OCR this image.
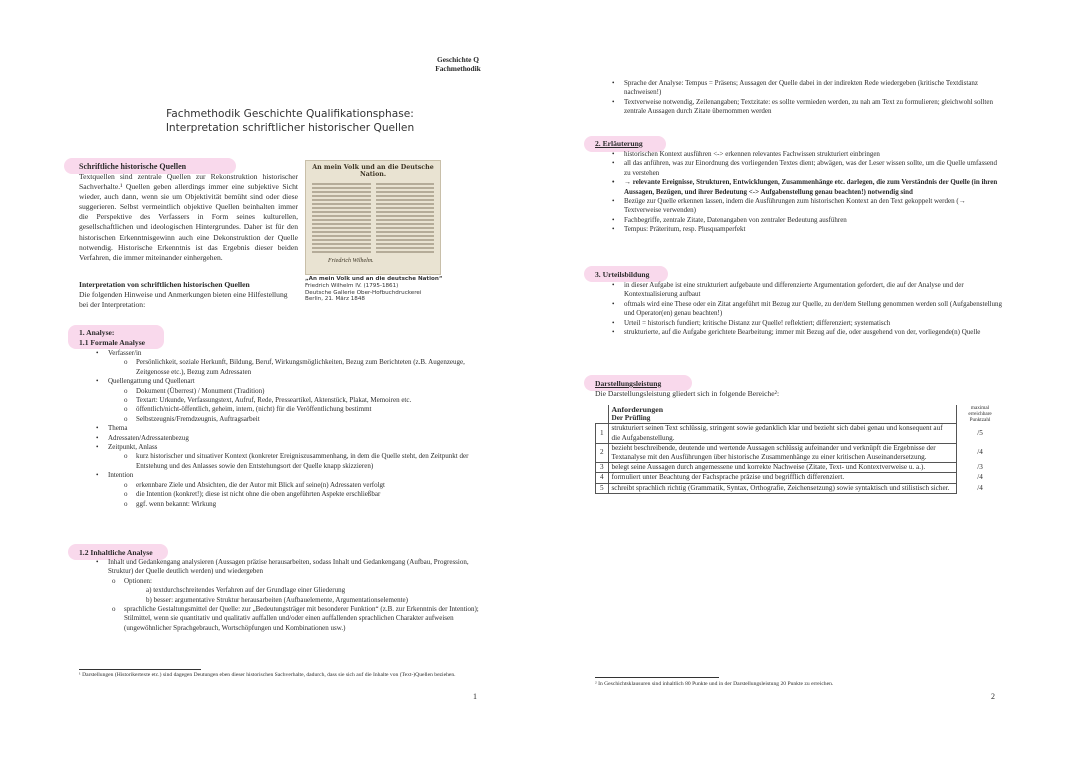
Geschichte Q
Fachmethodik
Fachmethodik Geschichte Qualifikationsphase:
Interpretation schriftlicher historischer Quellen
Schriftliche historische Quellen
Textquellen sind zentrale Quellen zur Rekonstruktion historischer Sachverhalte.¹ Quellen geben allerdings immer eine subjektive Sicht wieder, auch dann, wenn sie um Objektivität bemüht sind oder diese suggerieren. Selbst vermeintlich objektive Quellen beinhalten immer die Perspektive des Verfassers in Form seines kulturellen, gesellschaftlichen und ideologischen Hintergrundes. Daher ist für den historischen Erkenntnisgewinn auch eine Dekonstruktion der Quelle notwendig. Historische Erkenntnis ist das Ergebnis dieser beiden Verfahren, die immer miteinander einhergehen.
An mein Volk und an die Deutsche Nation.
Friedrich Wilhelm.
„An mein Volk und an die deutsche Nation“
Friedrich Wilhelm IV. (1795-1861)
Deutsche Gallerie Ober-Hofbuchdruckerei
Berlin, 21. März 1848
Interpretation von schriftlichen historischen Quellen
Die folgenden Hinweise und Anmerkungen bieten eine Hilfestellung bei der Interpretation:
1. Analyse:
1.1 Formale Analyse
• Verfasser/in
o Persönlichkeit, soziale Herkunft, Bildung, Beruf, Wirkungsmöglichkeiten, Bezug zum Berichteten (z.B. Augenzeuge, Zeitgenosse etc.), Bezug zum Adressaten
• Quellengattung und Quellenart
o Dokument (Überrest) / Monument (Tradition)
o Textart: Urkunde, Verfassungstext, Aufruf, Rede, Presseartikel, Aktenstück, Plakat, Memoiren etc.
o öffentlich/nicht-öffentlich, geheim, intern, (nicht) für die Veröffentlichung bestimmt
o Selbstzeugnis/Fremdzeugnis, Auftragsarbeit
• Thema
• Adressaten/Adressatenbezug
• Zeitpunkt, Anlass
o kurz historischer und situativer Kontext (konkreter Ereigniszusammenhang, in dem die Quelle steht, den Zeitpunkt der Entstehung und des Anlasses sowie den Entstehungsort der Quelle knapp skizzieren)
• Intention
o erkennbare Ziele und Absichten, die der Autor mit Blick auf seine(n) Adressaten verfolgt
o die Intention (konkret!); diese ist nicht ohne die oben angeführten Aspekte erschließbar
o ggf. wenn bekannt: Wirkung
1.2 Inhaltliche Analyse
• Inhalt und Gedankengang analysieren (Aussagen präzise herausarbeiten, sodass Inhalt und Gedankengang (Aufbau, Progression, Struktur) der Quelle deutlich werden) und wiedergeben
o Optionen:
a) textdurchschreitendes Verfahren auf der Grundlage einer Gliederung
b) besser: argumentative Struktur herausarbeiten (Aufbauelemente, Argumentationselemente)
o sprachliche Gestaltungsmittel der Quelle: zur „Bedeutungsträger mit besonderer Funktion“ (z.B. zur Erkenntnis der Intention); Stilmittel, wenn sie quantitativ und qualitativ auffallen und/oder einen auffallenden sprachlichen Charakter aufweisen (ungewöhnlicher Sprachgebrauch, Wortschöpfungen und Kombinationen usw.)
¹ Darstellungen (Historikertexte etc.) sind dagegen Deutungen eben dieser historischen Sachverhalte, dadurch, dass sie sich auf die Inhalte von (Text-)Quellen beziehen.
1
• Sprache der Analyse: Tempus = Präsens; Aussagen der Quelle dabei in der indirekten Rede wiedergeben (kritische Textdistanz nachweisen!)
• Textverweise notwendig, Zeilenangaben; Textzitate: es sollte vermieden werden, zu nah am Text zu formulieren; gleichwohl sollten zentrale Aussagen durch Zitate übernommen werden
2. Erläuterung
• historischen Kontext ausführen <-> erkennen relevantes Fachwissen strukturiert einbringen
• all das anführen, was zur Einordnung des vorliegenden Textes dient; abwägen, was der Leser wissen sollte, um die Quelle umfassend zu verstehen
• → relevante Ereignisse, Strukturen, Entwicklungen, Zusammenhänge etc. darlegen, die zum Verständnis der Quelle (in ihren Aussagen, Bezügen, und ihrer Bedeutung <-> Aufgabenstellung genau beachten!) notwendig sind
• Bezüge zur Quelle erkennen lassen, indem die Ausführungen zum historischen Kontext an den Text gekoppelt werden (→ Textverweise verwenden)
• Fachbegriffe, zentrale Zitate, Datenangaben von zentraler Bedeutung ausführen
• Tempus: Präteritum, resp. Plusquamperfekt
3. Urteilsbildung
• in dieser Aufgabe ist eine strukturiert aufgebaute und differenzierte Argumentation gefordert, die auf der Analyse und der Kontextualisierung aufbaut
• oftmals wird eine These oder ein Zitat angeführt mit Bezug zur Quelle, zu der/dem Stellung genommen werden soll (Aufgabenstellung und Operator(en) genau beachten!)
• Urteil = historisch fundiert; kritische Distanz zur Quelle! reflektiert; differenziert; systematisch
• strukturierte, auf die Aufgabe gerichtete Bearbeitung; immer mit Bezug auf die, oder ausgehend von der, vorliegende(n) Quelle
Darstellungsleistung
Die Darstellungsleistung gliedert sich in folgende Bereiche²:

	Anforderungen
Der Prüfling	maximal erreichbare Punktzahl
1	strukturiert seinen Text schlüssig, stringent sowie gedanklich klar und bezieht sich dabei genau und konsequent auf die Aufgabenstellung.	/5
2	bezieht beschreibende, deutende und wertende Aussagen schlüssig aufeinander und verknüpft die Ergebnisse der Textanalyse mit den Ausführungen über historische Zusammenhänge zu einer kritischen Auseinandersetzung.	/4
3	belegt seine Aussagen durch angemessene und korrekte Nachweise (Zitate, Text- und Kontextverweise u. a.).	/3
4	formuliert unter Beachtung der Fachsprache präzise und begrifflich differenziert.	/4
5	schreibt sprachlich richtig (Grammatik, Syntax, Orthografie, Zeichensetzung) sowie syntaktisch und stilistisch sicher.	/4
² In Geschichtsklausuren sind inhaltlich 80 Punkte und in der Darstellungsleistung 20 Punkte zu erreichen.
2
